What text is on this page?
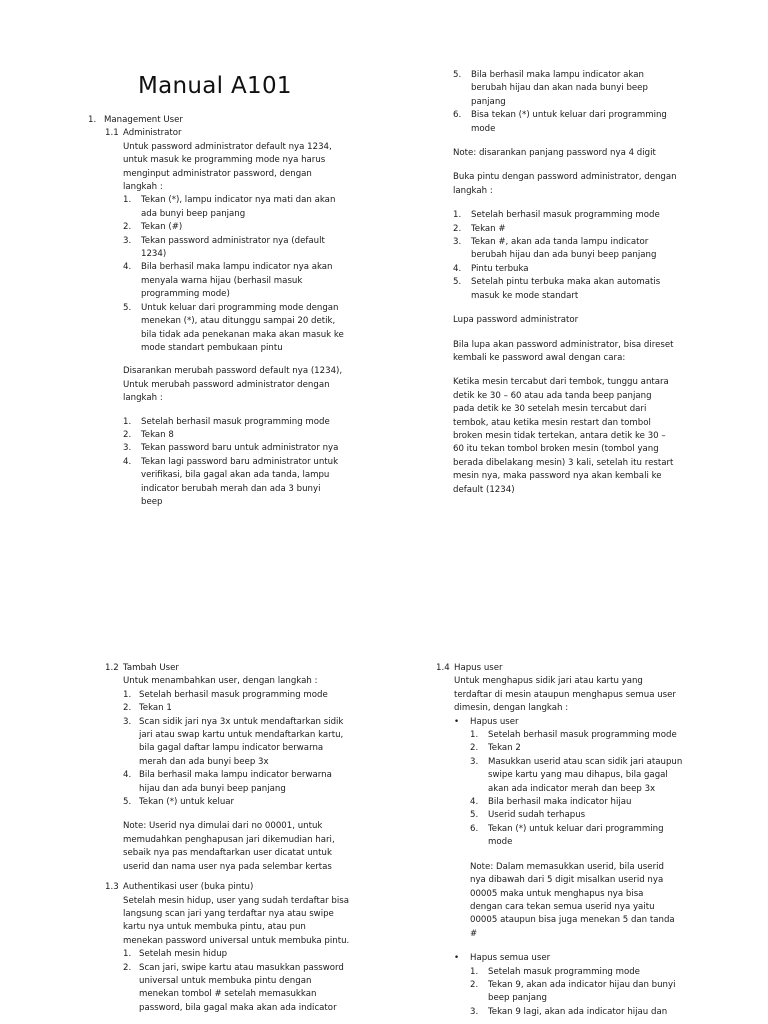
Manual A101
1. Management User
1.1 Administrator
Untuk password administrator default nya 1234,
untuk masuk ke programming mode nya harus
menginput administrator password, dengan
langkah :
1.	Tekan (*), lampu indicator nya mati dan akan
ada bunyi beep panjang
2.	Tekan (#)
3.	Tekan password administrator nya (default
1234)
4.	Bila berhasil maka lampu indicator nya akan
menyala warna hijau (berhasil masuk
programming mode)
5.	Untuk keluar dari programming mode dengan
menekan (*), atau ditunggu sampai 20 detik,
bila tidak ada penekanan maka akan masuk ke
mode standart pembukaan pintu
Disarankan merubah password default nya (1234),
Untuk merubah password administrator dengan
langkah :
1.	Setelah berhasil masuk programming mode
2.	Tekan 8
3.	Tekan password baru untuk administrator nya
4.	Tekan lagi password baru administrator untuk
verifikasi, bila gagal akan ada tanda, lampu
indicator berubah merah dan ada 3 bunyi
beep
5.	Bila berhasil maka lampu indicator akan
berubah hijau dan akan nada bunyi beep
panjang
6.	Bisa tekan (*) untuk keluar dari programming
mode
Note: disarankan panjang password nya 4 digit
Buka pintu dengan password administrator, dengan
langkah :
1.	Setelah berhasil masuk programming mode
2.	Tekan #
3.	Tekan #, akan ada tanda lampu indicator
berubah hijau dan ada bunyi beep panjang
4.	Pintu terbuka
5.	Setelah pintu terbuka maka akan automatis
masuk ke mode standart
Lupa password administrator
Bila lupa akan password administrator, bisa direset
kembali ke password awal dengan cara:
Ketika mesin tercabut dari tembok, tunggu antara
detik ke 30 – 60 atau ada tanda beep panjang
pada detik ke 30 setelah mesin tercabut dari
tembok, atau ketika mesin restart dan tombol
broken mesin tidak tertekan, antara detik ke 30 –
60 itu tekan tombol broken mesin (tombol yang
berada dibelakang mesin) 3 kali, setelah itu restart
mesin nya, maka password nya akan kembali ke
default (1234)
1.2 Tambah User
Untuk menambahkan user, dengan langkah :
1. Setelah berhasil masuk programming mode
2. Tekan 1
3. Scan sidik jari nya 3x untuk mendaftarkan sidik
jari atau swap kartu untuk mendaftarkan kartu,
bila gagal daftar lampu indicator berwarna
merah dan ada bunyi beep 3x
4. Bila berhasil maka lampu indicator berwarna
hijau dan ada bunyi beep panjang
5. Tekan (*) untuk keluar
Note: Userid nya dimulai dari no 00001, untuk
memudahkan penghapusan jari dikemudian hari,
sebaik nya pas mendaftarkan user dicatat untuk
userid dan nama user nya pada selembar kertas
1.3 Authentikasi user (buka pintu)
Setelah mesin hidup, user yang sudah terdaftar bisa
langsung scan jari yang terdaftar nya atau swipe
kartu nya untuk membuka pintu, atau pun
menekan password universal untuk membuka pintu.
1. Setelah mesin hidup
2. Scan jari, swipe kartu atau masukkan password
universal untuk membuka pintu dengan
menekan tombol # setelah memasukkan
password, bila gagal maka akan ada indicator
1.4 Hapus user
Untuk menghapus sidik jari atau kartu yang
terdaftar di mesin ataupun menghapus semua user
dimesin, dengan langkah :
•	Hapus user
1.	Setelah berhasil masuk programming mode
2.	Tekan 2
3.	Masukkan userid atau scan sidik jari ataupun
swipe kartu yang mau dihapus, bila gagal
akan ada indicator merah dan beep 3x
4.	Bila berhasil maka indicator hijau
5.	Userid sudah terhapus
6.	Tekan (*) untuk keluar dari programming
mode
Note: Dalam memasukkan userid, bila userid
nya dibawah dari 5 digit misalkan userid nya
00005 maka untuk menghapus nya bisa
dengan cara tekan semua userid nya yaitu
00005 ataupun bisa juga menekan 5 dan tanda
#
•	Hapus semua user
1.	Setelah masuk programming mode
2.	Tekan 9, akan ada indicator hijau dan bunyi
beep panjang
3.	Tekan 9 lagi, akan ada indicator hijau dan
